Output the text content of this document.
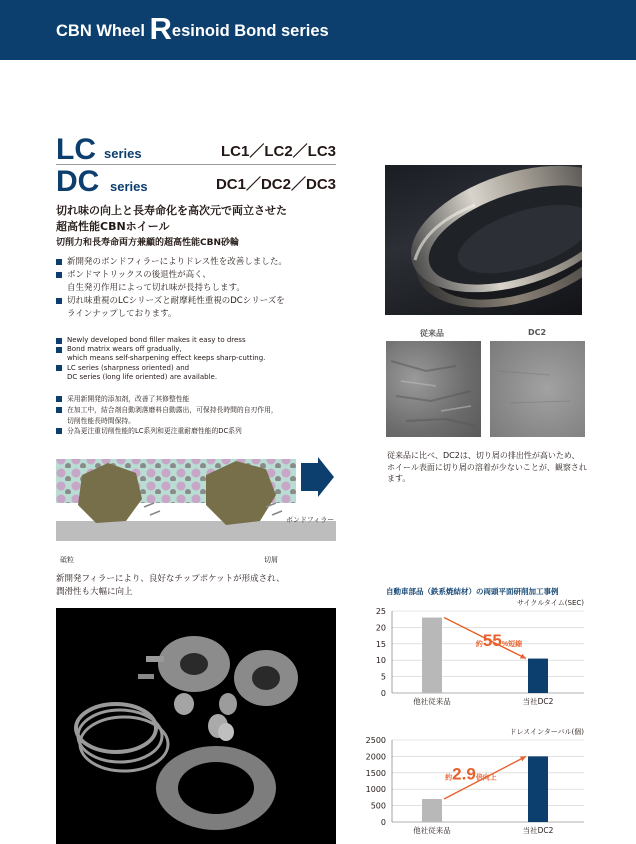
CBN Wheel Resinoid Bond series
LC series	LC1／LC2／LC3
DC series	DC1／DC2／DC3
切れ味の向上と長寿命化を高次元で両立させた
超高性能CBNホイール
切削力和長寿命両方兼顧的超高性能CBN砂輪
新開発のボンドフィラーによりドレス性を改善しました。
ボンドマトリックスの後退性が高く、
自生発刃作用によって切れ味が長持ちします。
切れ味重視のLCシリーズと耐摩耗性重視のDCシリーズを
ラインナップしております。
Newly developed bond filler makes it easy to dress
Bond matrix wears off gradually,
which means self-sharpening effect keeps sharp-cutting.
LC series (sharpness oriented) and
DC series (long life oriented) are available.
采用新開発的添加剤，改善了其修整性能
在加工中，結合剤自動剥落磨料自動露出，可保持長時間的自刃作用，
切削性能長時間保持。
分為更注重切削性能的LC系列和更注重耐磨性能的DC系列
従来品	DC2
従来品に比べ、DC2は、切り屑の排出性が高いため、ホイール表面に切り屑の溶着が少ないことが、観察されます。
ボンドフィラー
砥粒	切屑
新開発フィラーにより、良好なチップポケットが形成され、
潤滑性も大幅に向上	自動車部品（鉄系焼結材）の両頭平面研削加工事例
サイクルタイム(SEC)
25
20
15
10
5
0
他社従来品	当社DC2
約55%短縮
ドレスインターバル(個)
2500
2000
1500
1000
500
0
他社従来品	当社DC2
約2.9倍向上
